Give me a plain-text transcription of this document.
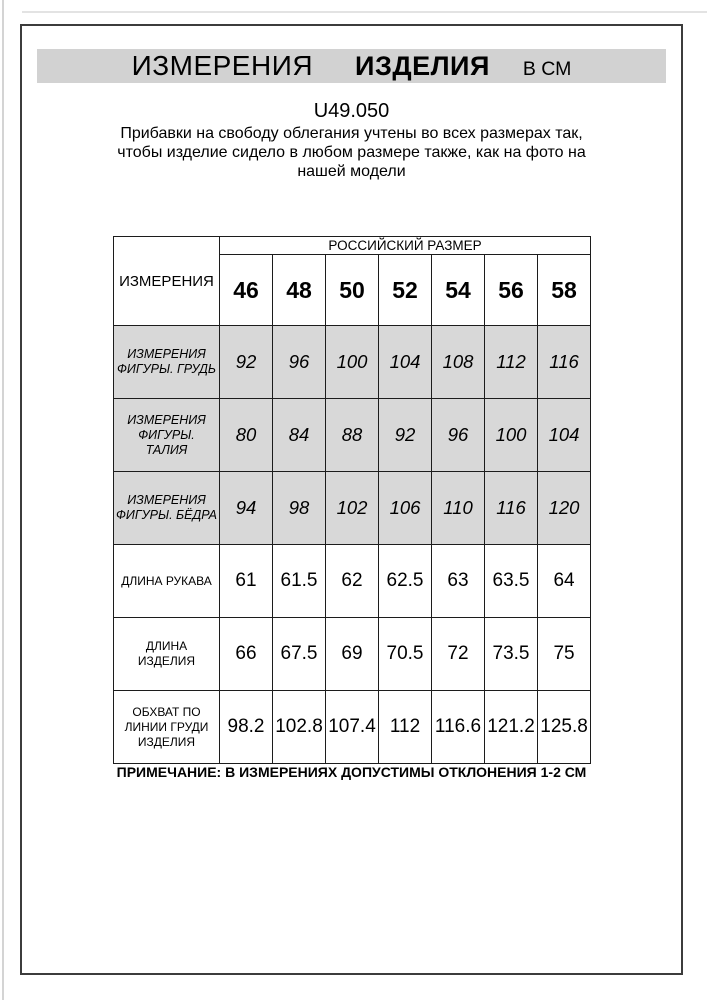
ИЗМЕРЕНИЯ ИЗДЕЛИЯ В СМ
U49.050
Прибавки на свободу облегания учтены во всех размерах так,
чтобы изделие сидело в любом размере также, как на фото на
нашей модели
ИЗМЕРЕНИЯ	РОССИЙСКИЙ РАЗМЕР						
	46	48	50	52	54	56	58
ИЗМЕРЕНИЯ ФИГУРЫ. ГРУДЬ	92	96	100	104	108	112	116
ИЗМЕРЕНИЯ ФИГУРЫ. ТАЛИЯ	80	84	88	92	96	100	104
ИЗМЕРЕНИЯ ФИГУРЫ. БЁДРА	94	98	102	106	110	116	120
ДЛИНА РУКАВА	61	61.5	62	62.5	63	63.5	64
ДЛИНА ИЗДЕЛИЯ	66	67.5	69	70.5	72	73.5	75
ОБХВАТ ПО ЛИНИИ ГРУДИ ИЗДЕЛИЯ	98.2	102.8	107.4	112	116.6	121.2	125.8
ПРИМЕЧАНИЕ: В ИЗМЕРЕНИЯХ ДОПУСТИМЫ ОТКЛОНЕНИЯ 1-2 СМ
